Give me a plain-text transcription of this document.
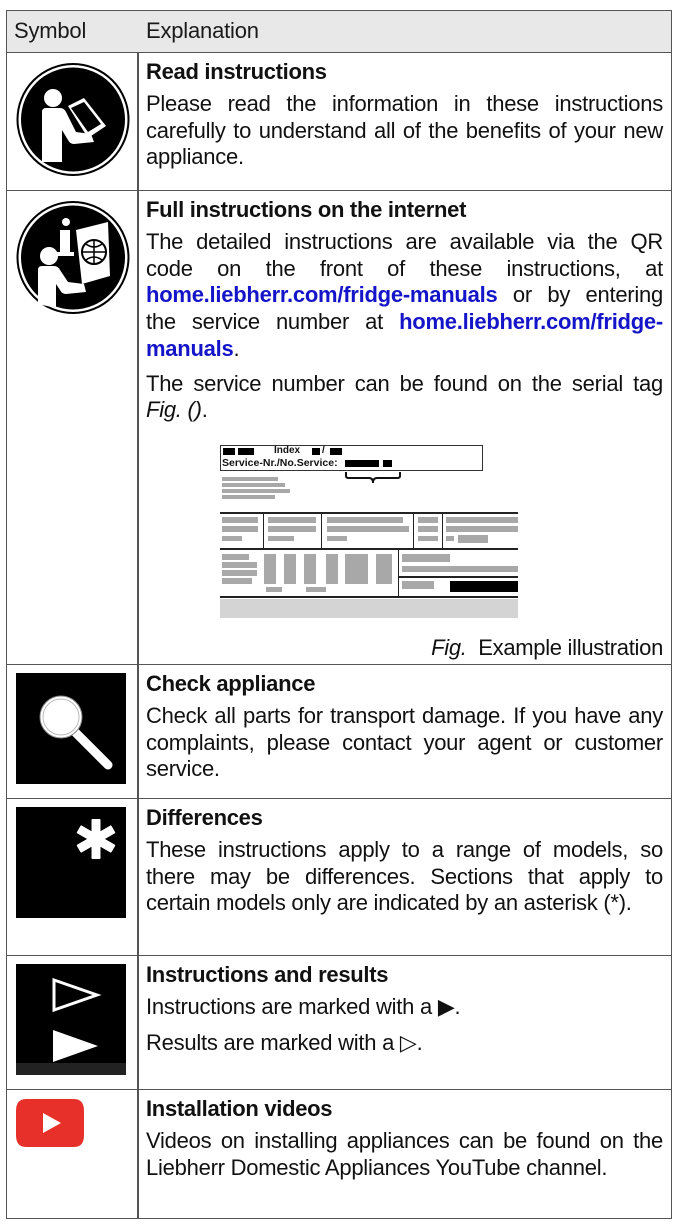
Symbol	Explanation
Read instructions
Please read the information in these instructions carefully to understand all of the benefits of your new appliance.
Full instructions on the internet
The detailed instructions are available via the QR code on the front of these instructions, at home.liebherr.com/fridge-manuals or by entering the service number at home.liebherr.com/fridge-manuals.
The service number can be found on the serial tag Fig. ().
Index /
Service-Nr./No.Service:
Fig. Example illustration
Check appliance
Check all parts for transport damage. If you have any complaints, please contact your agent or customer service.
Differences
These instructions apply to a range of models, so there may be differences. Sections that apply to certain models only are indicated by an asterisk (*).
Instructions and results
Instructions are marked with a ▶.
Results are marked with a ▷.
Installation videos
Videos on installing appliances can be found on the Liebherr Domestic Appliances YouTube channel.
